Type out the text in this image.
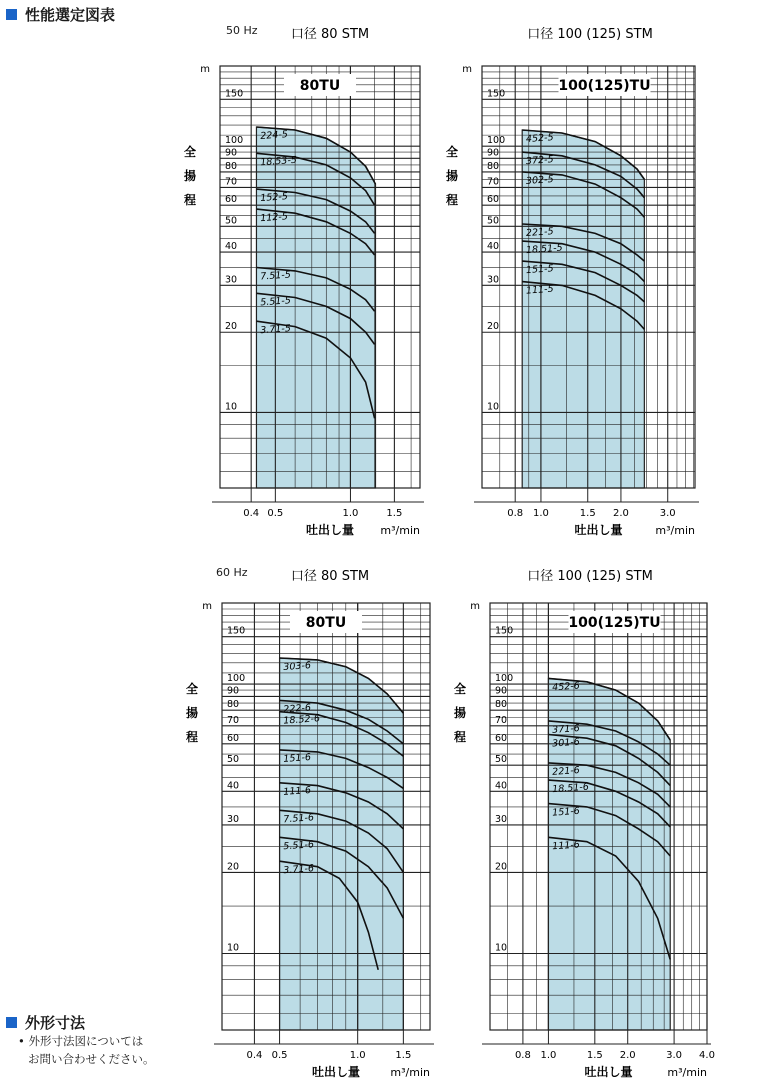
性能選定図表
50 Hz
60 Hz
口径 80 STM
80TU
m
10
20
30
40
50
60
70
80
90
100
150
全
揚
程
0.4 0.5	1.0	1.5
吐出し量 m³/min
224-5
18.53-5
152-5
112-5
7.51-5
5.51-5
3.71-5
口径 100 (125) STM
100(125)TU
m
10
20
30
40
50
60
70
80
90
100
150
全
揚
程
0.8 1.0	1.5 2.0	3.0
吐出し量	m³/min
452-5
372-5
302-5
221-5
18.51-5
151-5
111-5
口径 80 STM
80TU
m
10
20
30
40
50
60
70
80
90
100
150
全
揚
程
0.4 0.5	1.0	1.5
吐出し量	m³/min
303-6
222-6
18.52-6
151-6
111-6
7.51-6
5.51-6
3.71-6
口径 100 (125) STM
100(125)TU
m
10
20
30
40
50
60
70
80
90
100
150
全
揚
程
0.8 1.0	1.5 2.0	3.0 4.0
吐出し量	m³/min
452-6
371-6
301-6
221-6
18.51-6
151-6
111-6
外形寸法
• 外形寸法図については
お問い合わせください。
